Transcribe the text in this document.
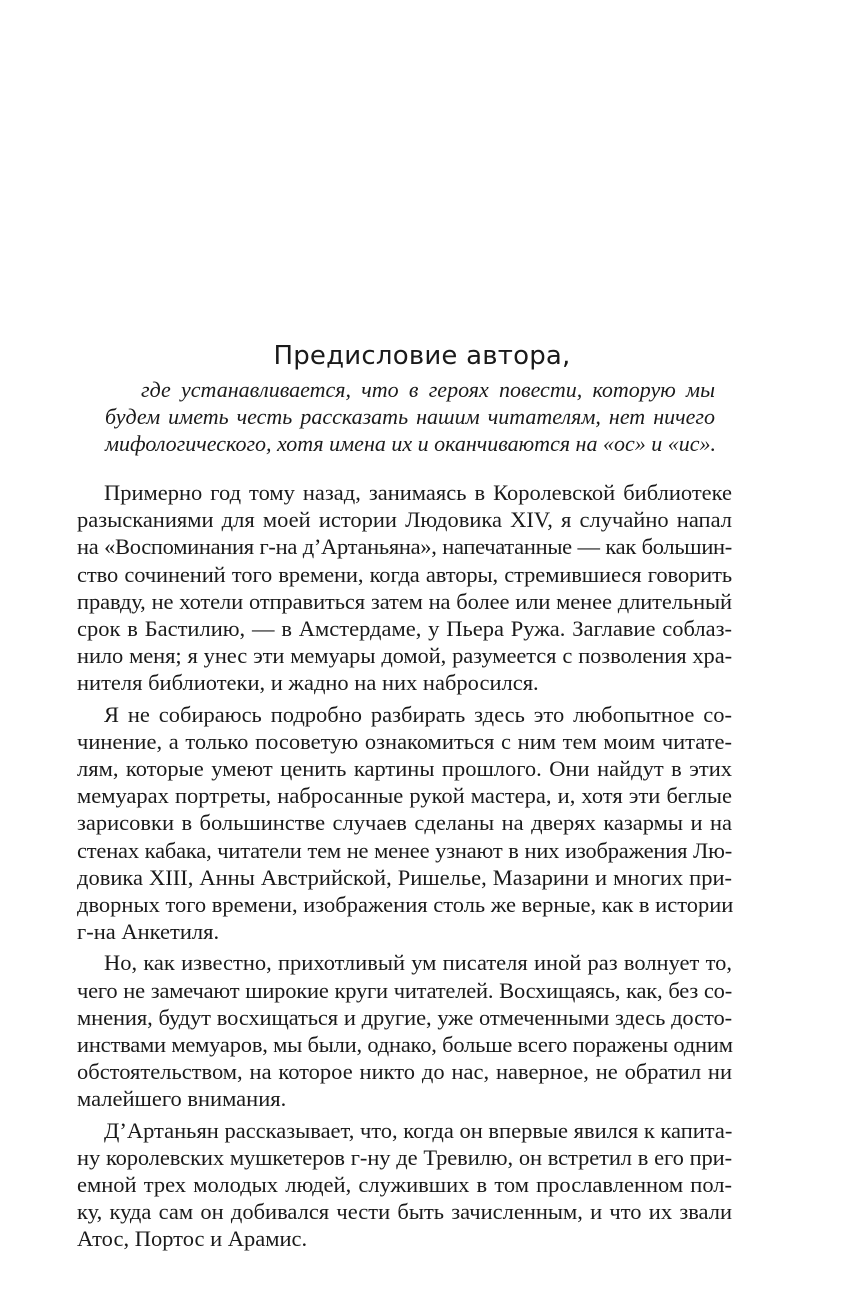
Предисловие автора,

где устанавливается, что в героях повести, которую мы
будем иметь честь рассказать нашим читателям, нет ничего
мифологического, хотя имена их и оканчиваются на «ос» и «ис».

Примерно год тому назад, занимаясь в Королевской библиотеке
разысканиями для моей истории Людовика XIV, я случайно напал
на «Воспоминания г-на д’Артаньяна», напечатанные — как большин-
ство сочинений того времени, когда авторы, стремившиеся говорить
правду, не хотели отправиться затем на более или менее длительный
срок в Бастилию, — в Амстердаме, у Пьера Ружа. Заглавие соблаз-
нило меня; я унес эти мемуары домой, разумеется с позволения хра-
нителя библиотеки, и жадно на них набросился.

Я не собираюсь подробно разбирать здесь это любопытное со-
чинение, а только посоветую ознакомиться с ним тем моим читате-
лям, которые умеют ценить картины прошлого. Они найдут в этих
мемуарах портреты, набросанные рукой мастера, и, хотя эти беглые
зарисовки в большинстве случаев сделаны на дверях казармы и на
стенах кабака, читатели тем не менее узнают в них изображения Лю-
довика XIII, Анны Австрийской, Ришелье, Мазарини и многих при-
дворных того времени, изображения столь же верные, как в истории
г-на Анкетиля.

Но, как известно, прихотливый ум писателя иной раз волнует то,
чего не замечают широкие круги читателей. Восхищаясь, как, без со-
мнения, будут восхищаться и другие, уже отмеченными здесь досто-
инствами мемуаров, мы были, однако, больше всего поражены одним
обстоятельством, на которое никто до нас, наверное, не обратил ни
малейшего внимания.

Д’Артаньян рассказывает, что, когда он впервые явился к капита-
ну королевских мушкетеров г-ну де Тревилю, он встретил в его при-
емной трех молодых людей, служивших в том прославленном пол-
ку, куда сам он добивался чести быть зачисленным, и что их звали
Атос, Портос и Арамис.
